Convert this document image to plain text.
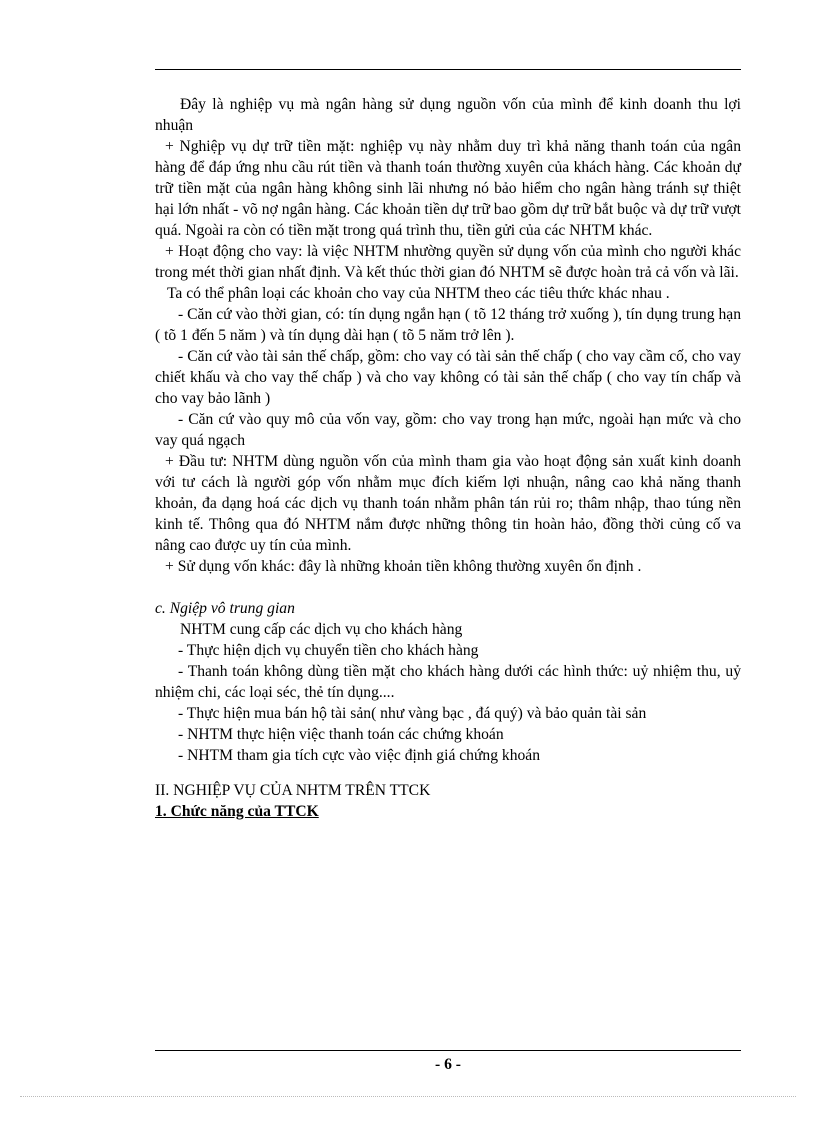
Đây là nghiệp vụ mà ngân hàng sử dụng nguồn vốn của mình để kinh doanh thu lợi nhuận

+ Nghiệp vụ dự trữ tiền mặt: nghiệp vụ này nhằm duy trì khả năng thanh toán của ngân hàng để đáp ứng nhu cầu rút tiền và thanh toán thường xuyên của khách hàng. Các khoản dự trữ tiền mặt của ngân hàng không sinh lãi nhưng nó bảo hiểm cho ngân hàng tránh sự thiệt hại lớn nhất - võ nợ ngân hàng. Các khoản tiền dự trữ bao gồm dự trữ bắt buộc và dự trữ vượt quá. Ngoài ra còn có tiền mặt trong quá trình thu, tiền gửi của các NHTM khác.

+ Hoạt động cho vay: là việc NHTM nhường quyền sử dụng vốn của mình cho người khác trong mét thời gian nhất định. Và kết thúc thời gian đó NHTM sẽ được hoàn trả cả vốn và lãi.

Ta có thể phân loại các khoản cho vay của NHTM theo các tiêu thức khác nhau .

- Căn cứ vào thời gian, có: tín dụng ngắn hạn ( tõ 12 tháng trở xuống ), tín dụng trung hạn ( tõ 1 đến 5 năm ) và tín dụng dài hạn ( tõ 5 năm trở lên ).

- Căn cứ vào tài sản thế chấp, gồm: cho vay có tài sản thế chấp ( cho vay cầm cố, cho vay chiết khấu và cho vay thế chấp ) và cho vay không có tài sản thế chấp ( cho vay tín chấp và cho vay bảo lãnh )

- Căn cứ vào quy mô của vốn vay, gồm: cho vay trong hạn mức, ngoài hạn mức và cho vay quá ngạch

+ Đầu tư: NHTM dùng nguồn vốn của mình tham gia vào hoạt động sản xuất kinh doanh với tư cách là người góp vốn nhằm mục đích kiếm lợi nhuận, nâng cao khả năng thanh khoản, đa dạng hoá các dịch vụ thanh toán nhằm phân tán rủi ro; thâm nhập, thao túng nền kinh tế. Thông qua đó NHTM nắm được những thông tin hoàn hảo, đồng thời củng cố va nâng cao được uy tín của mình.

+ Sử dụng vốn khác: đây là những khoản tiền không thường xuyên ổn định .

c. Ngiệp vô trung gian

NHTM cung cấp các dịch vụ cho khách hàng

- Thực hiện dịch vụ chuyển tiền cho khách hàng

- Thanh toán không dùng tiền mặt cho khách hàng dưới các hình thức: uỷ nhiệm thu, uỷ nhiệm chi, các loại séc, thẻ tín dụng....

- Thực hiện mua bán hộ tài sản( như vàng bạc , đá quý) và bảo quản tài sản

- NHTM thực hiện việc thanh toán các chứng khoán

- NHTM tham gia tích cực vào việc định giá chứng khoán

II. NGHIỆP VỤ CỦA NHTM TRÊN TTCK

1. Chức năng của TTCK

- 6 -
